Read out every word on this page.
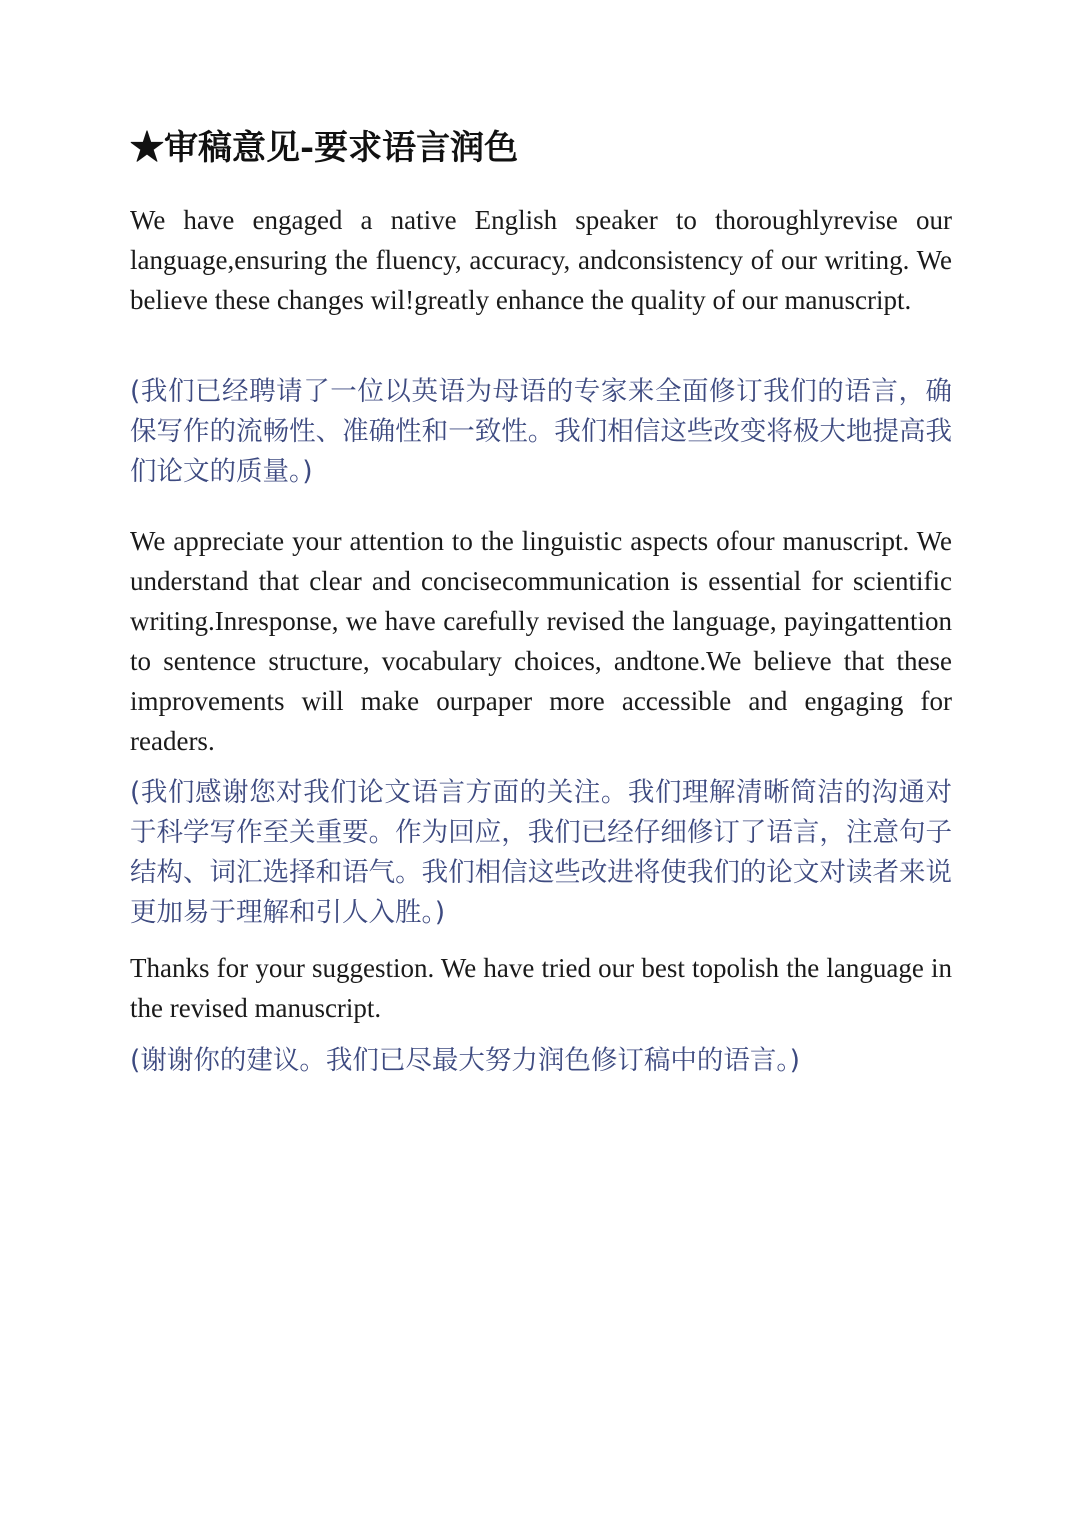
★审稿意见-要求语言润色

We have engaged a native English speaker to thoroughlyrevise our language,ensuring the fluency, accuracy, andconsistency of our writing. We believe these changes wil!greatly enhance the quality of our manuscript.

(我们已经聘请了一位以英语为母语的专家来全面修订我们的语言，确保写作的流畅性、准确性和一致性。我们相信这些改变将极大地提高我们论文的质量。)

We appreciate your attention to the linguistic aspects ofour manuscript. We understand that clear and concisecommunication is essential for scientific writing.Inresponse, we have carefully revised the language, payingattention to sentence structure, vocabulary choices, andtone.We believe that these improvements will make ourpaper more accessible and engaging for readers.

(我们感谢您对我们论文语言方面的关注。我们理解清晰简洁的沟通对于科学写作至关重要。作为回应，我们已经仔细修订了语言，注意句子结构、词汇选择和语气。我们相信这些改进将使我们的论文对读者来说更加易于理解和引人入胜。)

Thanks for your suggestion. We have tried our best topolish the language in the revised manuscript.

(谢谢你的建议。我们已尽最大努力润色修订稿中的语言。)
